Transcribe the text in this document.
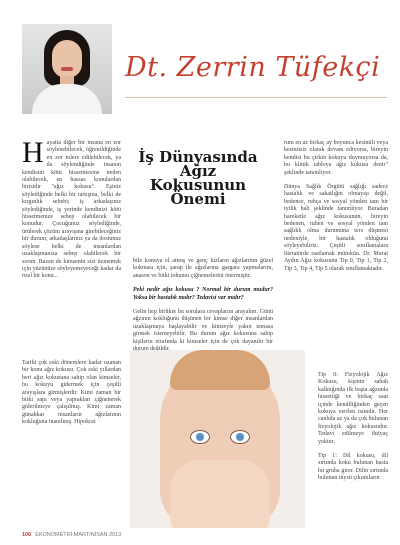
Dt. Zerrin Tüfekçi
İş Dünyasında Ağız Kokusunun Önemi

Hayatta diğer bir insana en zor söylenebilecek, öğrenildiğinde en zor tolere edilebilecek, ya da söylendiğinde insanın kendisini kötü hissetmesine neden olabilecek, en hassas konulardan birisidir "ağız kokusu". Eşiniz söylediğinde belki bir tartışma, belki de kırgınlık sebebi; iş arkadaşınız söylediğinde, iş yerinde kendinizi kötü hissetmenize sebep olabilecek bir konudur. Çocuğunuz söylediğinde, ürülerek çözüm arayışına girebileceğiniz bir durum, arkadaşlarınız ya da dostunuz söylese belki de insanlardan uzaklaşmanıza sebep olabilecek bir sorun. Bazen de kimsenin sizi üzmemek için yüzünüze söyleyemeyeceği kadar da özel bir konu...

Tarihi çok eski dönemlere kadar uzanan bir konu ağız kokusu. Çok eski yıllardan beri ağız kokusuna sahip olan kimseler, bu kokuyu gidermek için çeşitli arayışlara girmişlerdir. Kimi zaman bir bitki sapı veya yaprakları çiğnenerek giderilmeye çalışılmış. Kimi zaman günahkar insanların ağızlarının kokluğuna inanılmış. Hipokrat

bile konuya el atmış ve genç kızların ağızlarının güzel kokması için, şarap ile ağızlarına gargara yapmalarını, anason ve bitki tohumu çiğnemelerini önermiştir.

Peki nedir ağız kokusu ? Normal bir durum mudur? Yoksa bir hastalık mıdır? Tedavisi var mıdır?

Gelin hep birlikte bu sorulara cevaplarını arayalım. Günü ağzının kokluğunu düşünen bir kimse diğer insanlardan uzaklaşmaya başlayabilir ve kimseyle yakın temasa girmek istemeyebilir. Bu durum ağız kokusuna sahip kişilerin etrafında ki kimseler için de çok dayanılır bir

rum en az birkaç ay boyunca kesintili veya kesintisiz olarak devam ediyorsa, bireyin kendisi bu çirkin kokuyu duymuyorsa da, bu klinik tabloya ağız kokusu denir" şeklinde tanımlıyor.

Dünya Sağlık Örgütü sağlığı sadece hastalık ve sakatlığın olmayışı değil, bedence, ruhça ve sosyal yönden tam bir iyilik hali şeklinde tanımlıyor. Buradan hareketle ağız kokusunun, bireyin bedenen, ruhen ve sosyal yönden tam sağlıklı olma durumuna ters düşmesi nedeniyle, bir hastalık olduğunu söyleyebiliriz. Çeşitli sınıflamalara literatürde rastlamak mümkün. Dr. Murat Aydın Ağız kokusunu Tip 0, Tip 1, Tip 2, Tip 3, Tip 4, Tip 5 olarak sınıflamaktadır.

Tip 0: Fizyolojik Ağız Kokusu, kişinin sabah kalktığında ilk başta ağzında hissettiği ve birkaç saat içinde kendiliğinden geçen kokuya verilen isimdir. Her canlıda az ya da çok bulunan fizyolojik ağız kokusudur. Tedavi edilmeye ihtiyaç yoktur.

Tip 1: Dil kokusu, dil sırtında koku bulunan hasta bu gruba girer. Dilin sırtında bulunan tüysü çıkıntıların

106 EKONOMETRİ MART/NİSAN 2013
